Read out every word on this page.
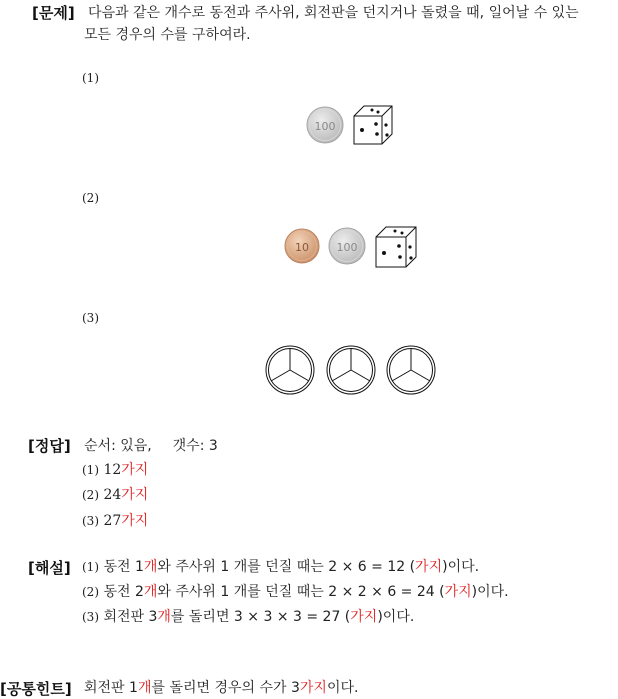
[문제] 다음과 같은 개수로 동전과 주사위, 회전판을 던지거나 돌렸을 때, 일어날 수 있는
모든 경우의 수를 구하여라.
(1)
100
(2)
10	100
(3)
[정답] 순서: 있음, 갯수: 3
(1) 12가지
(2) 24가지
(3) 27가지
[해설] (1) 동전 1개와 주사위 1 개를 던질 때는 2 × 6 = 12 (가지)이다.
(2) 동전 2개와 주사위 1 개를 던질 때는 2 × 2 × 6 = 24 (가지)이다.
(3) 회전판 3개를 돌리면 3 × 3 × 3 = 27 (가지)이다.
[공통힌트] 회전판 1개를 돌리면 경우의 수가 3가지이다.
